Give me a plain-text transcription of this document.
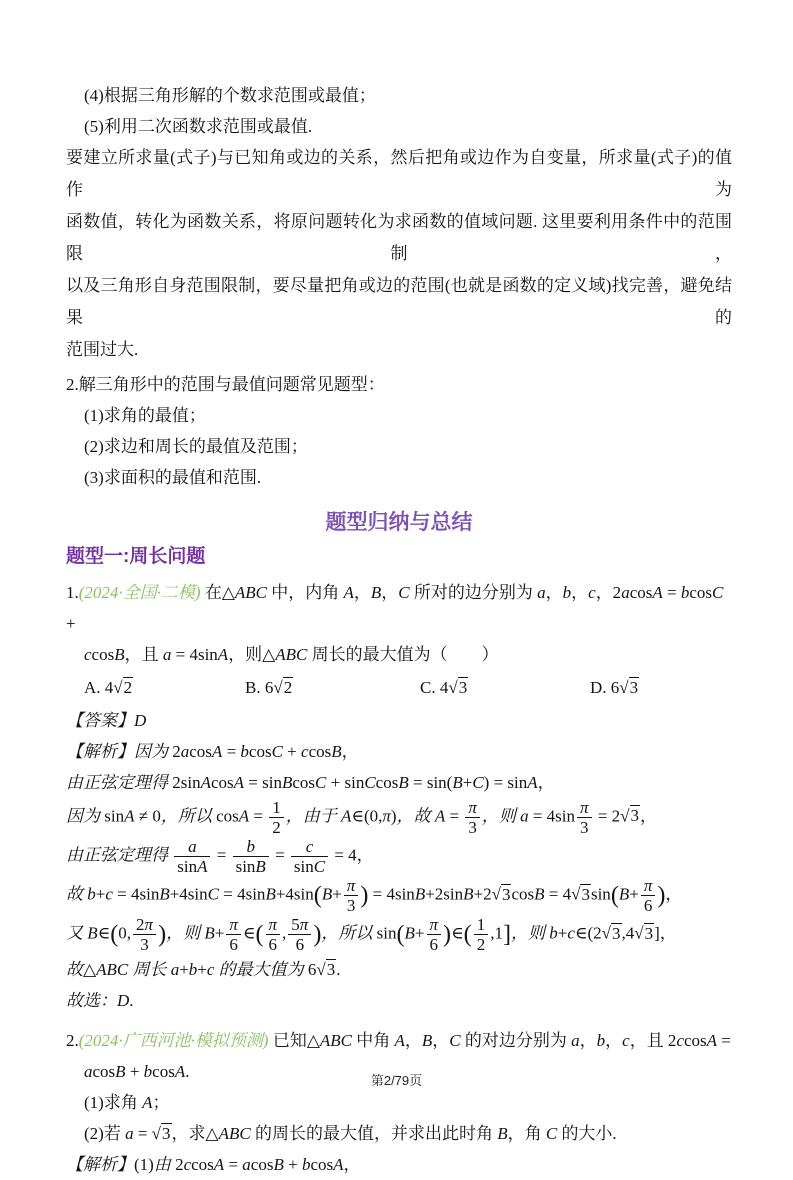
(4)根据三角形解的个数求范围或最值；
(5)利用二次函数求范围或最值.
要建立所求量(式子)与已知角或边的关系，然后把角或边作为自变量，所求量(式子)的值作为
函数值，转化为函数关系，将原问题转化为求函数的值域问题. 这里要利用条件中的范围限制，
以及三角形自身范围限制，要尽量把角或边的范围(也就是函数的定义域)找完善，避免结果的
范围过大.
2.解三角形中的范围与最值问题常见题型：
(1)求角的最值；
(2)求边和周长的最值及范围；
(3)求面积的最值和范围.
题型归纳与总结
题型一:周长问题
1.(2024·全国·二模) 在△ABC 中，内角 A，B，C 所对的边分别为 a，b，c，2acosA = bcosC +
ccosB，且 a = 4sinA，则△ABC 周长的最大值为（　　）
A. 4√2	B. 6√2	C. 4√3	D. 6√3
【答案】D
【解析】因为 2acosA = bcosC + ccosB，
由正弦定理得 2sinAcosA = sinBcosC + sinCcosB = sin(B+C) = sinA，
因为 sinA ≠ 0，所以 $\cos A = \frac{1}{2}$ ，由于 A∈(0,π)，故 $A = \frac{\pi}{3}$ ，则 $a = 4\sin \frac{\pi}{3} = 2√3$，
由正弦定理得 $\frac{a}{\sin A} = \frac{b}{\sin B} = \frac{c}{\sin C} = 4$，
故 $b+c = 4\sin B+4\sin C = 4\sin B+4\sin(B+ \frac{\pi}{3}$ ) = $4\sin B+2\sin B+2√3\cos B = 4√3\sin(B+ \frac{\pi}{6}$ )，
又 B∈(0, $\frac{2\pi}{3}$ )，则 $B+ \frac{\pi}{6}$ ∈( $\frac{\pi}{6}$ , $\frac{5\pi}{6}$ )，所以 $\sin(B+ \frac{\pi}{6}$ )∈( $\frac{1}{2} ,1$]，则 b+c∈(2√3,4√3]，
故△ABC 周长 a+b+c 的最大值为 6√3.
故选：D.
2.(2024·广西河池·模拟预测) 已知△ABC 中角 A，B，C 的对边分别为 a，b，c，且 2ccosA =
acosB + bcosA.
(1)求角 A；
(2)若 a = √3，求△ABC 的周长的最大值，并求出此时角 B，角 C 的大小.
【解析】(1)由 2ccosA = acosB + bcosA，
第2/79页
